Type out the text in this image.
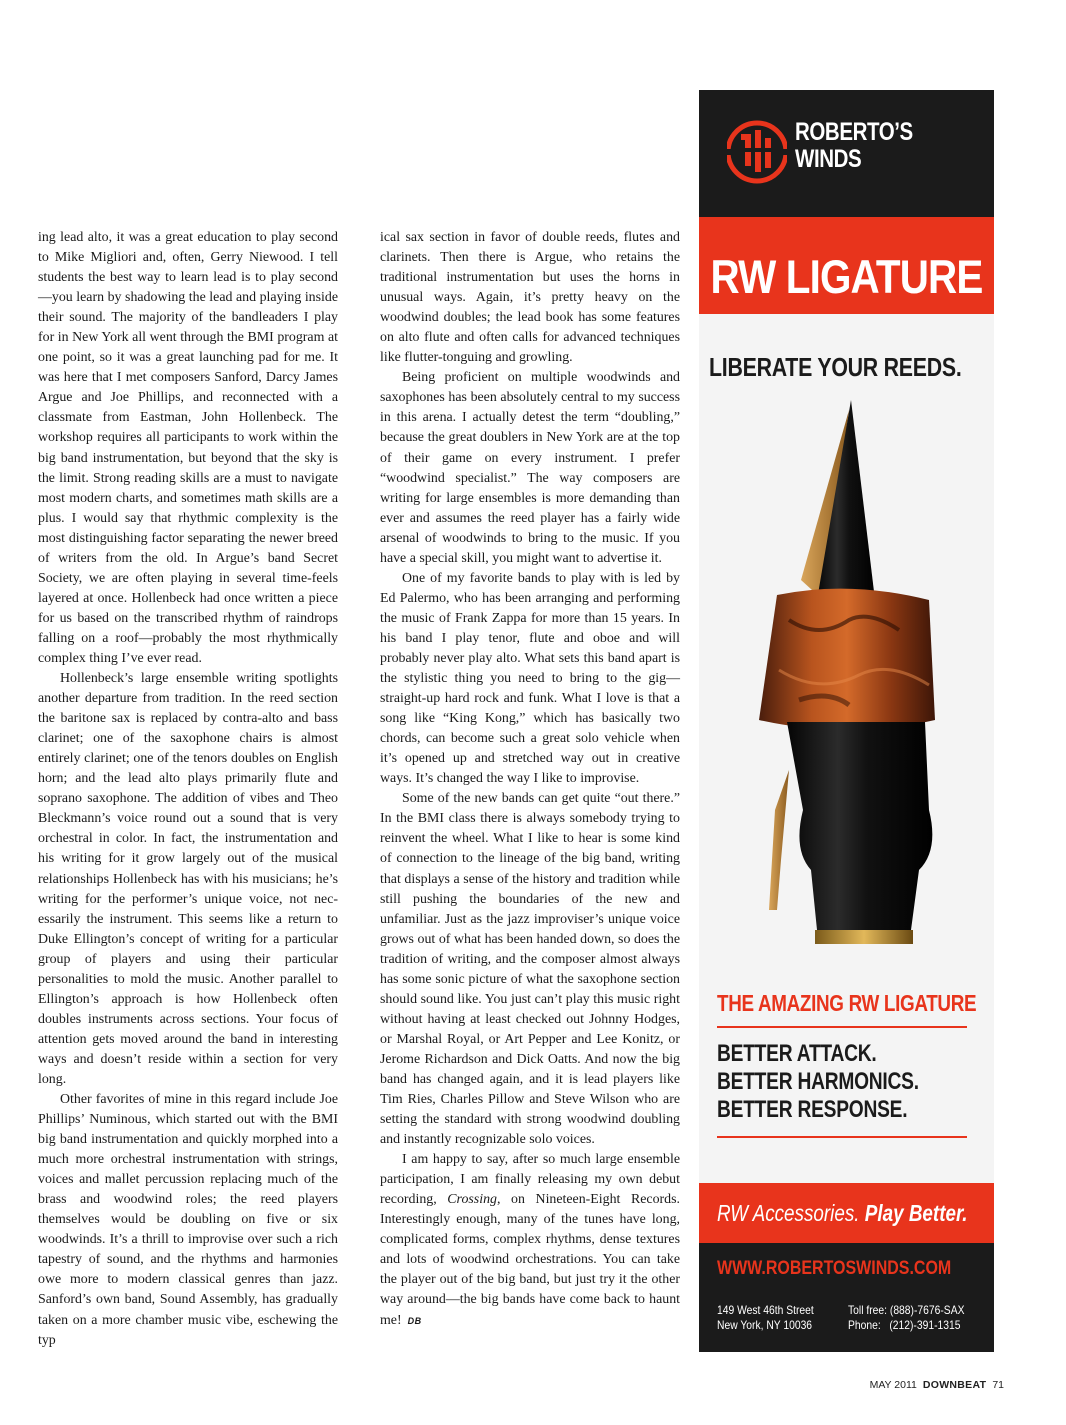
ing lead alto, it was a great education to play second to Mike Migliori and, often, Gerry Niewood. I tell students the best way to learn lead is to play second—you learn by shadowing the lead and playing inside their sound. The majority of the bandleaders I play for in New York all went through the BMI program at one point, so it was a great launching pad for me. It was here that I met composers Sanford, Darcy James Argue and Joe Phillips, and reconnected with a classmate from Eastman, John Hollenbeck. The workshop requires all participants to work within the big band instrumentation, but beyond that the sky is the limit. Strong reading skills are a must to navigate most modern charts, and sometimes math skills are a plus. I would say that rhythmic complexity is the most distinguishing factor separating the newer breed of writers from the old. In Argue’s band Secret Society, we are often playing in several time-feels layered at once. Hollenbeck had once written a piece for us based on the transcribed rhythm of raindrops falling on a roof—probably the most rhythmically complex thing I’ve ever read.

Hollenbeck’s large ensemble writing spotlights another departure from tradition. In the reed section the baritone sax is replaced by contra-alto and bass clarinet; one of the saxophone chairs is almost entirely clarinet; one of the tenors doubles on English horn; and the lead alto plays primarily flute and soprano saxophone. The addition of vibes and Theo Bleckmann’s voice round out a sound that is very orchestral in color. In fact, the instrumentation and his writing for it grow largely out of the musical relationships Hollenbeck has with his musicians; he’s writing for the performer’s unique voice, not necessarily the instrument. This seems like a return to Duke Ellington’s concept of writing for a particular group of players and using their particular personalities to mold the music. Another parallel to Ellington’s approach is how Hollenbeck often doubles instruments across sections. Your focus of attention gets moved around the band in interesting ways and doesn’t reside within a section for very long.

Other favorites of mine in this regard include Joe Phillips’ Numinous, which started out with the BMI big band instrumentation and quickly morphed into a much more orchestral instrumentation with strings, voices and mallet percussion replacing much of the brass and woodwind roles; the reed players themselves would be doubling on five or six woodwinds. It’s a thrill to improvise over such a rich tapestry of sound, and the rhythms and harmonies owe more to modern classical genres than jazz. Sanford’s own band, Sound Assembly, has gradually taken on a more chamber music vibe, eschewing the typ

ical sax section in favor of double reeds, flutes and clarinets. Then there is Argue, who retains the traditional instrumentation but uses the horns in unusual ways. Again, it’s pretty heavy on the woodwind doubles; the lead book has some features on alto flute and often calls for advanced techniques like flutter-tonguing and growling.

Being proficient on multiple woodwinds and saxophones has been absolutely central to my success in this arena. I actually detest the term “doubling,” because the great doublers in New York are at the top of their game on every instrument. I prefer “woodwind specialist.” The way composers are writing for large ensembles is more demanding than ever and assumes the reed player has a fairly wide arsenal of woodwinds to bring to the music. If you have a special skill, you might want to advertise it.

One of my favorite bands to play with is led by Ed Palermo, who has been arranging and performing the music of Frank Zappa for more than 15 years. In his band I play tenor, flute and oboe and will probably never play alto. What sets this band apart is the stylistic thing you need to bring to the gig—straight-up hard rock and funk. What I love is that a song like “King Kong,” which has basically two chords, can become such a great solo vehicle when it’s opened up and stretched way out in creative ways. It’s changed the way I like to improvise.

Some of the new bands can get quite “out there.” In the BMI class there is always somebody trying to reinvent the wheel. What I like to hear is some kind of connection to the lineage of the big band, writing that displays a sense of the history and tradition while still pushing the boundaries of the new and unfamiliar. Just as the jazz improviser’s unique voice grows out of what has been handed down, so does the tradition of writing, and the composer almost always has some sonic picture of what the saxophone section should sound like. You just can’t play this music right without having at least checked out Johnny Hodges, or Marshal Royal, or Art Pepper and Lee Konitz, or Jerome Richardson and Dick Oatts. And now the big band has changed again, and it is lead players like Tim Ries, Charles Pillow and Steve Wilson who are setting the standard with strong woodwind doubling and instantly recognizable solo voices.

I am happy to say, after so much large ensemble participation, I am finally releasing my own debut recording, Crossing, on Nineteen-Eight Records. Interestingly enough, many of the tunes have long, complicated forms, complex rhythms, dense textures and lots of woodwind orchestrations. You can take the player out of the big band, but just try it the other way around—the big bands have come back to haunt me! DB

ROBERTO’S
WINDS
RW LIGATURE
LIBERATE YOUR REEDS.
THE AMAZING RW LIGATURE
BETTER ATTACK.
BETTER HARMONICS.
BETTER RESPONSE.
RW Accessories. Play Better.
WWW.ROBERTOSWINDS.COM
149 West 46th Street
New York, NY 10036
Toll free: (888)-7676-SAX
Phone: (212)-391-1315
MAY 2011 DOWNBEAT 71
